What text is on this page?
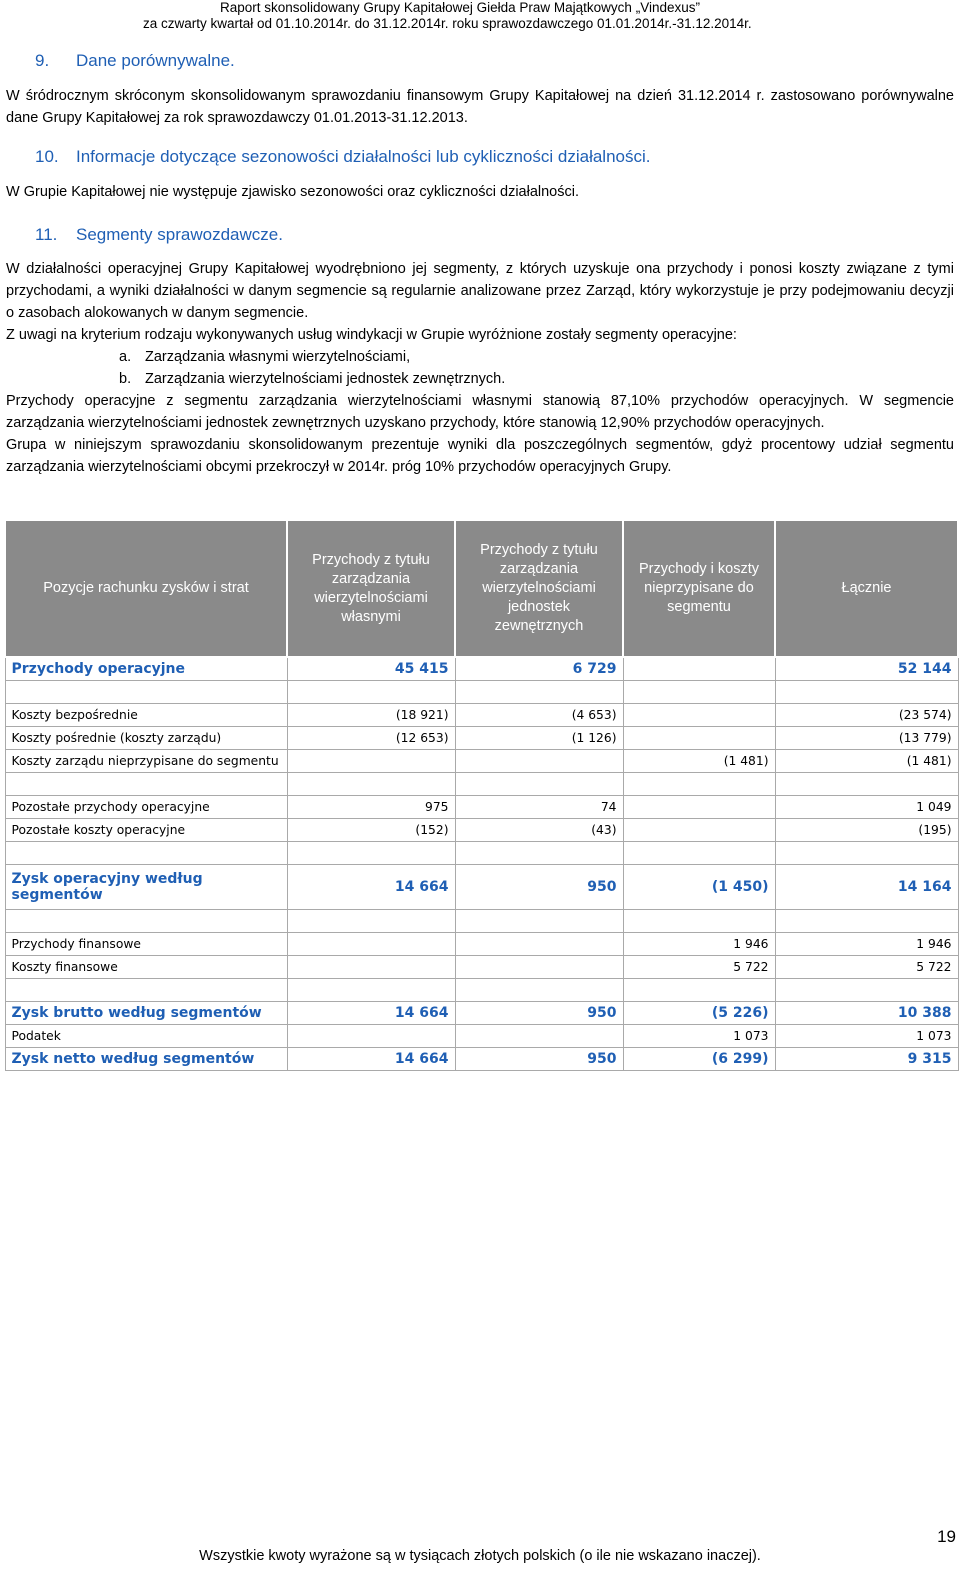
Raport skonsolidowany Grupy Kapitałowej Giełda Praw Majątkowych „Vindexus”
za czwarty kwartał od 01.10.2014r. do 31.12.2014r. roku sprawozdawczego 01.01.2014r.-31.12.2014r.
9. Dane porównywalne.
W śródrocznym skróconym skonsolidowanym sprawozdaniu finansowym Grupy Kapitałowej na dzień 31.12.2014 r. zastosowano porównywalne dane Grupy Kapitałowej za rok sprawozdawczy 01.01.2013-31.12.2013.
10. Informacje dotyczące sezonowości działalności lub cykliczności działalności.
W Grupie Kapitałowej nie występuje zjawisko sezonowości oraz cykliczności działalności.
11. Segmenty sprawozdawcze.
W działalności operacyjnej Grupy Kapitałowej wyodrębniono jej segmenty, z których uzyskuje ona przychody i ponosi koszty związane z tymi przychodami, a wyniki działalności w danym segmencie są regularnie analizowane przez Zarząd, który wykorzystuje je przy podejmowaniu decyzji o zasobach alokowanych w danym segmencie.
Z uwagi na kryterium rodzaju wykonywanych usług windykacji w Grupie wyróżnione zostały segmenty operacyjne:
a. Zarządzania własnymi wierzytelnościami,
b. Zarządzania wierzytelnościami jednostek zewnętrznych.
Przychody operacyjne z segmentu zarządzania wierzytelnościami własnymi stanowią 87,10% przychodów operacyjnych. W segmencie zarządzania wierzytelnościami jednostek zewnętrznych uzyskano przychody, które stanowią 12,90% przychodów operacyjnych.
Grupa w niniejszym sprawozdaniu skonsolidowanym prezentuje wyniki dla poszczególnych segmentów, gdyż procentowy udział segmentu zarządzania wierzytelnościami obcymi przekroczył w 2014r. próg 10% przychodów operacyjnych Grupy.
Pozycje rachunku zysków i strat	Przychody z tytułu zarządzania wierzytelnościami własnymi	Przychody z tytułu zarządzania wierzytelnościami jednostek zewnętrznych	Przychody i koszty nieprzypisane do segmentu	Łącznie
Przychody operacyjne	45 415	6 729		52 144

Koszty bezpośrednie	(18 921)	(4 653)		(23 574)
Koszty pośrednie (koszty zarządu)	(12 653)	(1 126)		(13 779)
Koszty zarządu nieprzypisane do segmentu			(1 481)	(1 481)

Pozostałe przychody operacyjne	975	74		1 049
Pozostałe koszty operacyjne	(152)	(43)		(195)

Zysk operacyjny według segmentów	14 664	950	(1 450)	14 164

Przychody finansowe			1 946	1 946
Koszty finansowe			5 722	5 722

Zysk brutto według segmentów	14 664	950	(5 226)	10 388
Podatek			1 073	1 073
Zysk netto według segmentów	14 664	950	(6 299)	9 315
19
Wszystkie kwoty wyrażone są w tysiącach złotych polskich (o ile nie wskazano inaczej).
